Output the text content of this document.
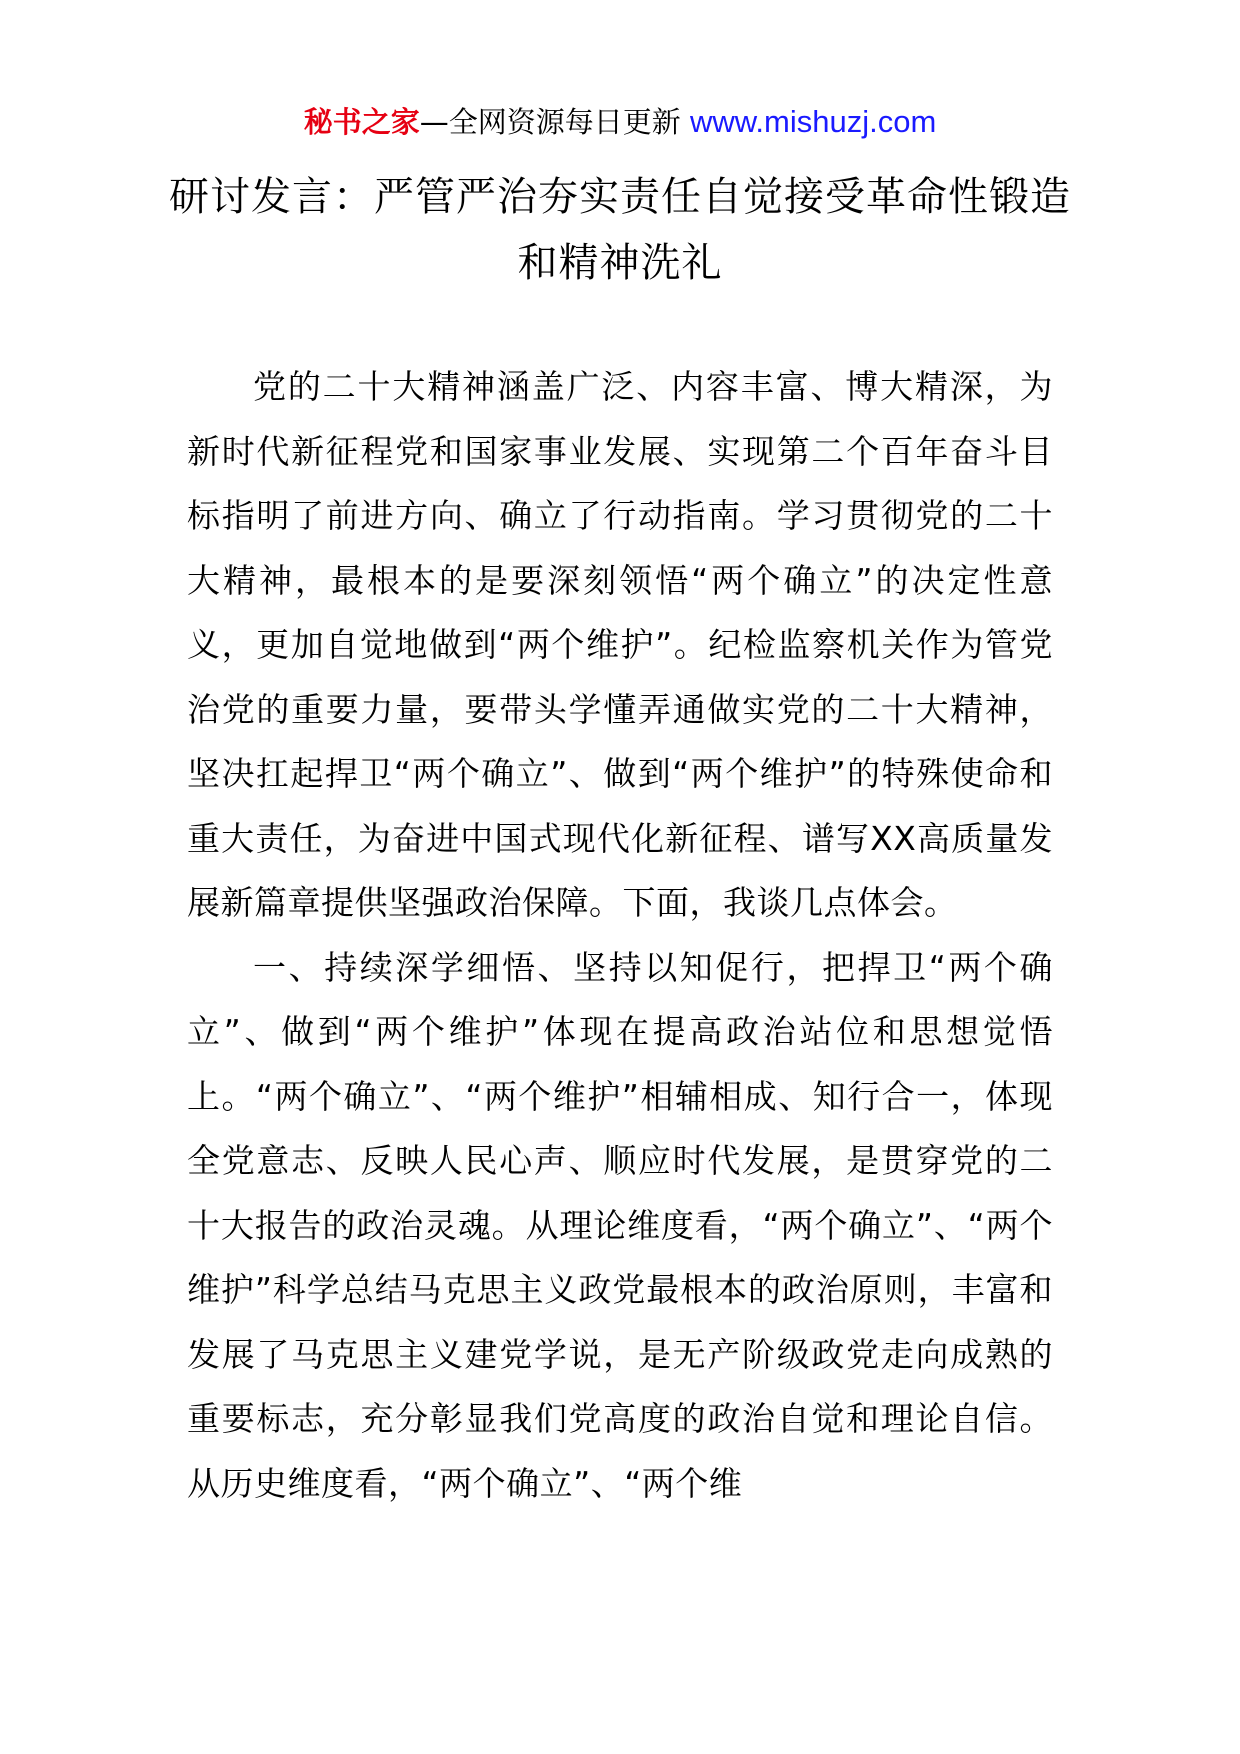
秘书之家—全网资源每日更新 www.mishuzj.com
研讨发言：严管严治夯实责任自觉接受革命性锻造和精神洗礼

党的二十大精神涵盖广泛、内容丰富、博大精深，为新时代新征程党和国家事业发展、实现第二个百年奋斗目标指明了前进方向、确立了行动指南。学习贯彻党的二十大精神，最根本的是要深刻领悟“两个确立”的决定性意义，更加自觉地做到“两个维护”。纪检监察机关作为管党治党的重要力量，要带头学懂弄通做实党的二十大精神，坚决扛起捍卫“两个确立”、做到“两个维护”的特殊使命和重大责任，为奋进中国式现代化新征程、谱写XX高质量发展新篇章提供坚强政治保障。下面，我谈几点体会。

一、持续深学细悟、坚持以知促行，把捍卫“两个确立”、做到“两个维护”体现在提高政治站位和思想觉悟上。“两个确立”、“两个维护”相辅相成、知行合一，体现全党意志、反映人民心声、顺应时代发展，是贯穿党的二十大报告的政治灵魂。从理论维度看，“两个确立”、“两个维护”科学总结马克思主义政党最根本的政治原则，丰富和发展了马克思主义建党学说，是无产阶级政党走向成熟的重要标志，充分彰显我们党高度的政治自觉和理论自信。从历史维度看，“两个确立”、“两个维
